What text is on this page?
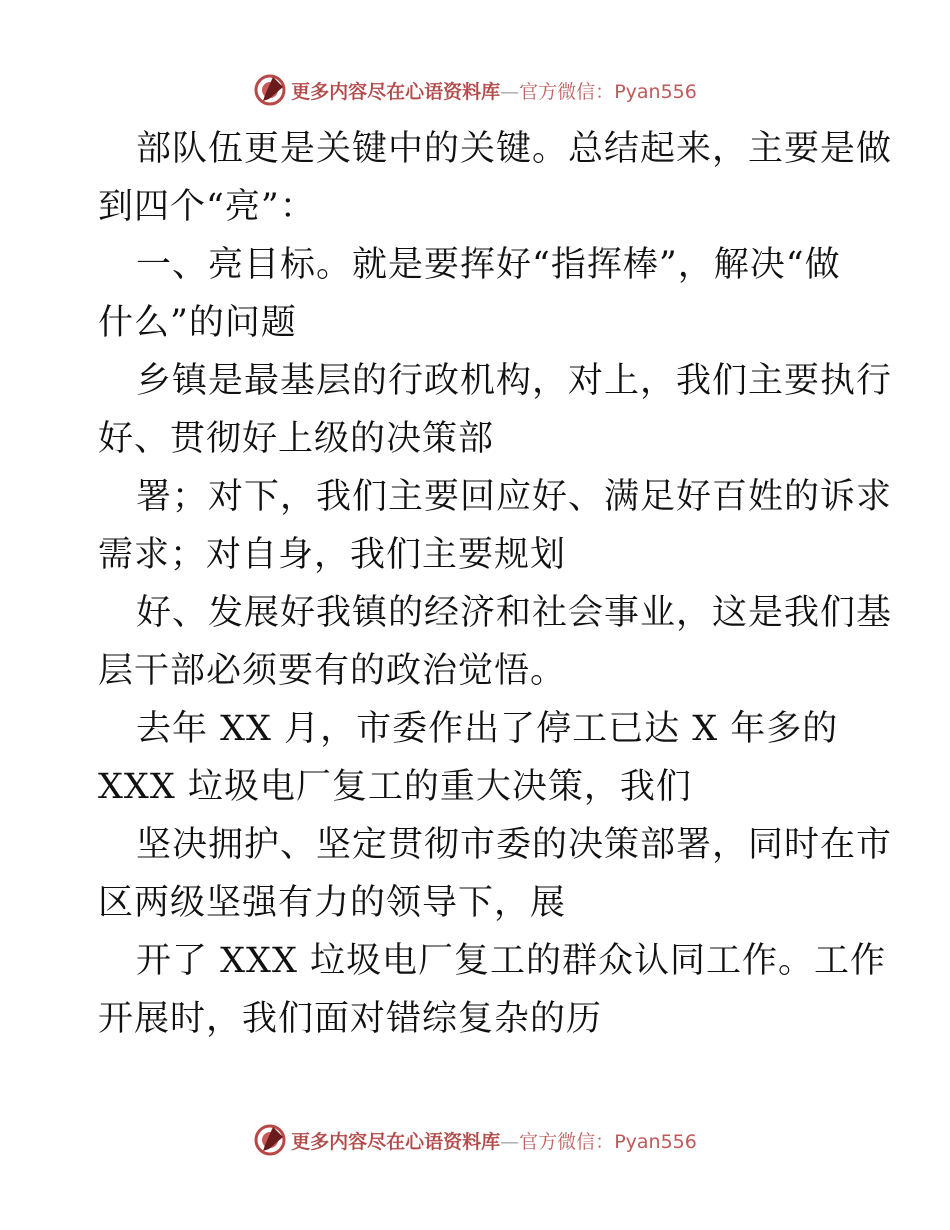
更多内容尽在心语资料库—官方微信：Pyan556
部队伍更是关键中的关键。总结起来，主要是做
到四个“亮”：
一、亮目标。就是要挥好“指挥棒”，解决“做
什么”的问题
乡镇是最基层的行政机构，对上，我们主要执行
好、贯彻好上级的决策部
署；对下，我们主要回应好、满足好百姓的诉求
需求；对自身，我们主要规划
好、发展好我镇的经济和社会事业，这是我们基
层干部必须要有的政治觉悟。
去年 XX 月，市委作出了停工已达 X 年多的
XXX 垃圾电厂复工的重大决策，我们
坚决拥护、坚定贯彻市委的决策部署，同时在市
区两级坚强有力的领导下，展
开了 XXX 垃圾电厂复工的群众认同工作。工作
开展时，我们面对错综复杂的历
更多内容尽在心语资料库—官方微信：Pyan556
